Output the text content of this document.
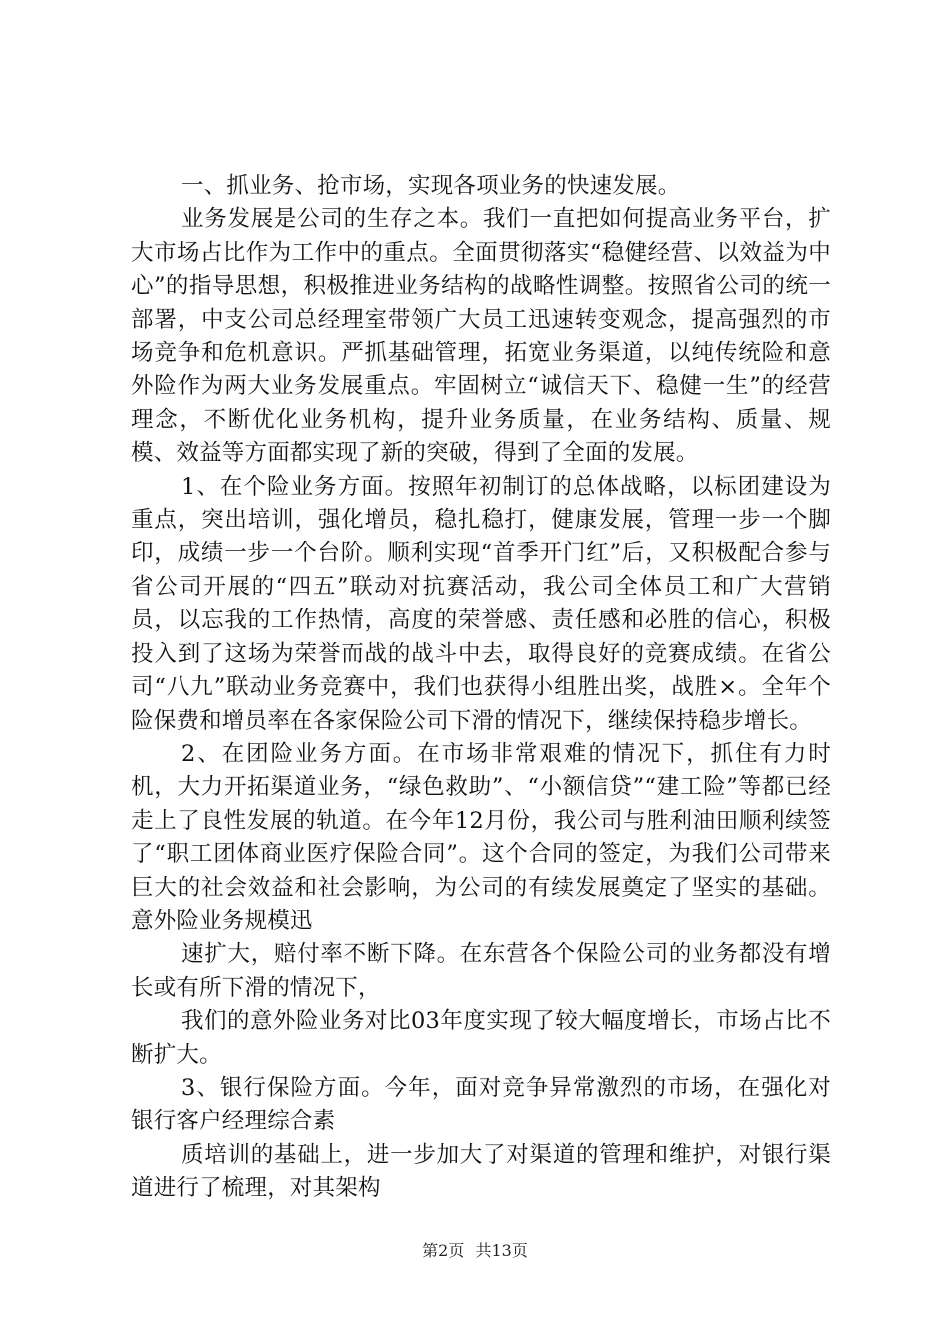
一、抓业务、抢市场，实现各项业务的快速发展。

业务发展是公司的生存之本。我们一直把如何提高业务平台，扩大市场占比作为工作中的重点。全面贯彻落实“稳健经营、以效益为中心”的指导思想，积极推进业务结构的战略性调整。按照省公司的统一部署，中支公司总经理室带领广大员工迅速转变观念，提高强烈的市场竞争和危机意识。严抓基础管理，拓宽业务渠道，以纯传统险和意外险作为两大业务发展重点。牢固树立“诚信天下、稳健一生”的经营理念，不断优化业务机构，提升业务质量，在业务结构、质量、规模、效益等方面都实现了新的突破，得到了全面的发展。

1、在个险业务方面。按照年初制订的总体战略，以标团建设为重点，突出培训，强化增员，稳扎稳打，健康发展，管理一步一个脚印，成绩一步一个台阶。顺利实现“首季开门红”后，又积极配合参与省公司开展的“四五”联动对抗赛活动，我公司全体员工和广大营销员，以忘我的工作热情，高度的荣誉感、责任感和必胜的信心，积极投入到了这场为荣誉而战的战斗中去，取得良好的竞赛成绩。在省公司“八九”联动业务竞赛中，我们也获得小组胜出奖，战胜×。全年个险保费和增员率在各家保险公司下滑的情况下，继续保持稳步增长。

2、在团险业务方面。在市场非常艰难的情况下，抓住有力时机，大力开拓渠道业务，“绿色救助”、“小额信贷”“建工险”等都已经走上了良性发展的轨道。在今年12月份，我公司与胜利油田顺利续签了“职工团体商业医疗保险合同”。这个合同的签定，为我们公司带来巨大的社会效益和社会影响，为公司的有续发展奠定了坚实的基础。意外险业务规模迅

速扩大，赔付率不断下降。在东营各个保险公司的业务都没有增长或有所下滑的情况下，

我们的意外险业务对比03年度实现了较大幅度增长，市场占比不断扩大。

3、银行保险方面。今年，面对竞争异常激烈的市场，在强化对银行客户经理综合素

质培训的基础上，进一步加大了对渠道的管理和维护，对银行渠道进行了梳理，对其架构

第2页 共13页
